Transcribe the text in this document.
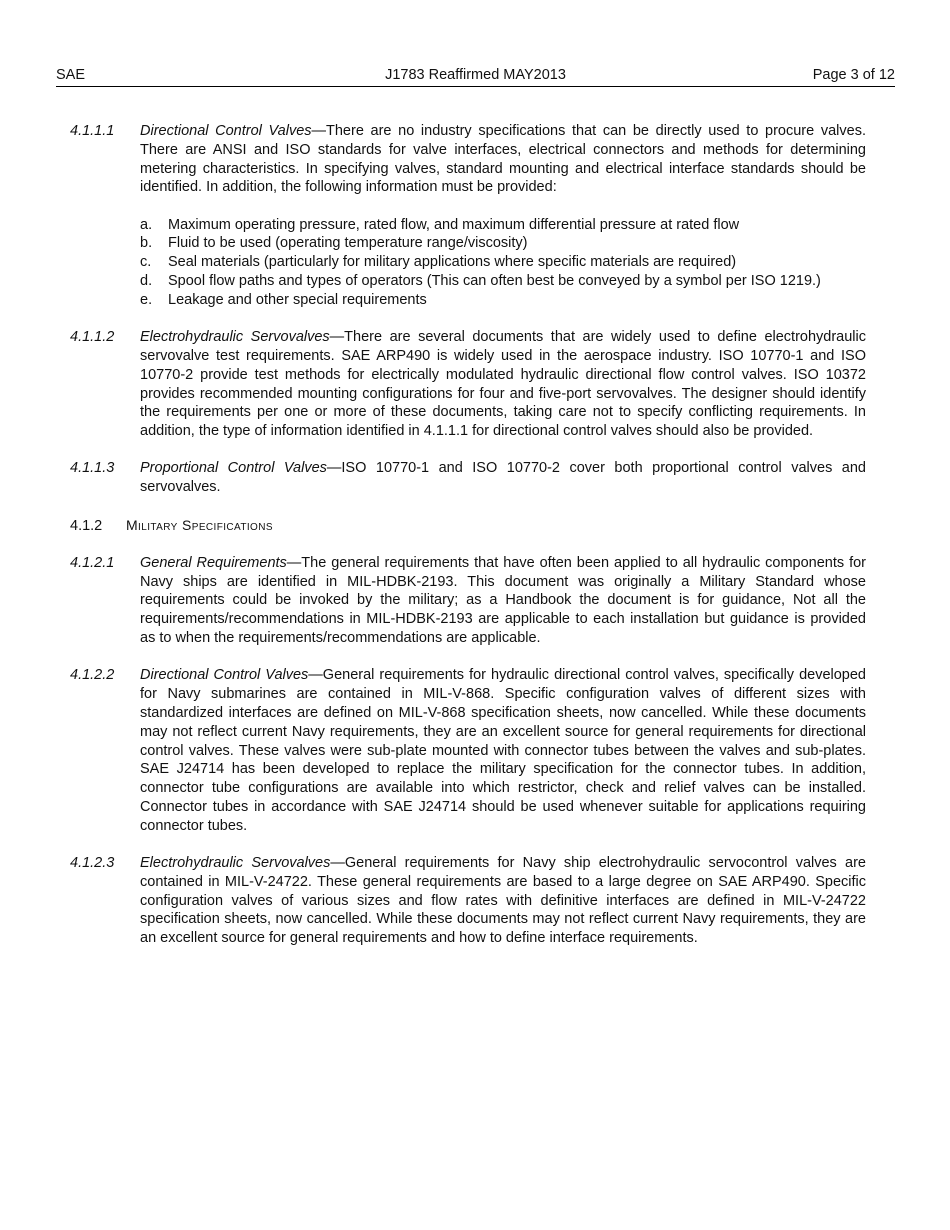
SAE	J1783 Reaffirmed MAY2013	Page 3 of 12
4.1.1.1 Directional Control Valves—There are no industry specifications that can be directly used to procure valves. There are ANSI and ISO standards for valve interfaces, electrical connectors and methods for determining metering characteristics. In specifying valves, standard mounting and electrical interface standards should be identified. In addition, the following information must be provided:
a. Maximum operating pressure, rated flow, and maximum differential pressure at rated flow
b. Fluid to be used (operating temperature range/viscosity)
c. Seal materials (particularly for military applications where specific materials are required)
d. Spool flow paths and types of operators (This can often best be conveyed by a symbol per ISO 1219.)
e. Leakage and other special requirements
4.1.1.2 Electrohydraulic Servovalves—There are several documents that are widely used to define electrohydraulic servovalve test requirements. SAE ARP490 is widely used in the aerospace industry. ISO 10770-1 and ISO 10770-2 provide test methods for electrically modulated hydraulic directional flow control valves. ISO 10372 provides recommended mounting configurations for four and five-port servovalves. The designer should identify the requirements per one or more of these documents, taking care not to specify conflicting requirements. In addition, the type of information identified in 4.1.1.1 for directional control valves should also be provided.
4.1.1.3 Proportional Control Valves—ISO 10770-1 and ISO 10770-2 cover both proportional control valves and servovalves.
4.1.2 Military Specifications
4.1.2.1 General Requirements—The general requirements that have often been applied to all hydraulic components for Navy ships are identified in MIL-HDBK-2193. This document was originally a Military Standard whose requirements could be invoked by the military; as a Handbook the document is for guidance, Not all the requirements/recommendations in MIL-HDBK-2193 are applicable to each installation but guidance is provided as to when the requirements/recommendations are applicable.
4.1.2.2 Directional Control Valves—General requirements for hydraulic directional control valves, specifically developed for Navy submarines are contained in MIL-V-868. Specific configuration valves of different sizes with standardized interfaces are defined on MIL-V-868 specification sheets, now cancelled. While these documents may not reflect current Navy requirements, they are an excellent source for general requirements for directional control valves. These valves were sub-plate mounted with connector tubes between the valves and sub-plates. SAE J24714 has been developed to replace the military specification for the connector tubes. In addition, connector tube configurations are available into which restrictor, check and relief valves can be installed. Connector tubes in accordance with SAE J24714 should be used whenever suitable for applications requiring connector tubes.
4.1.2.3 Electrohydraulic Servovalves—General requirements for Navy ship electrohydraulic servocontrol valves are contained in MIL-V-24722. These general requirements are based to a large degree on SAE ARP490. Specific configuration valves of various sizes and flow rates with definitive interfaces are defined in MIL-V-24722 specification sheets, now cancelled. While these documents may not reflect current Navy requirements, they are an excellent source for general requirements and how to define interface requirements.
